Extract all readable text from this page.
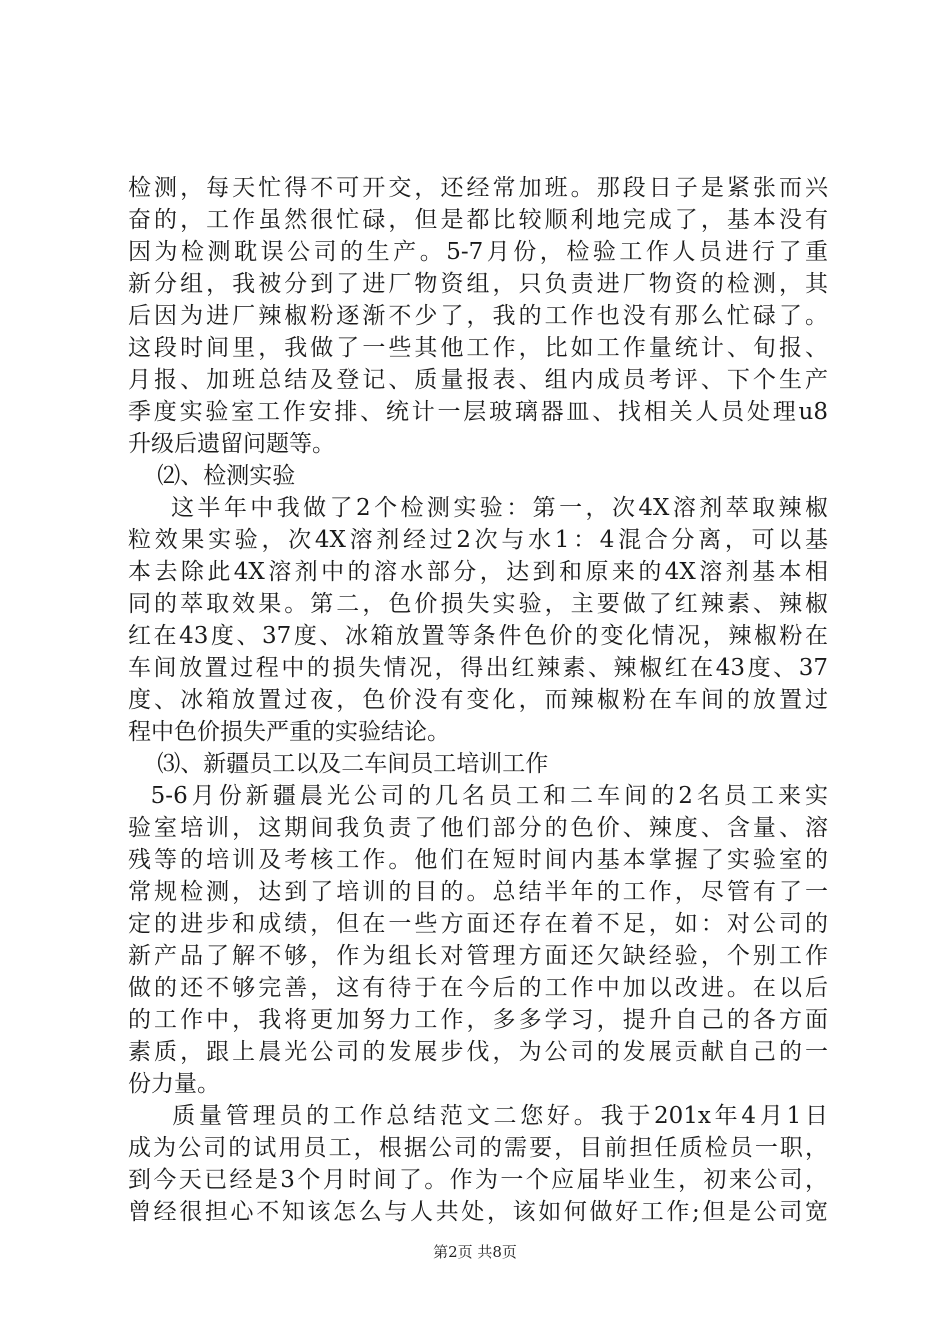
检测，每天忙得不可开交，还经常加班。那段日子是紧张而兴
奋的，工作虽然很忙碌，但是都比较顺利地完成了，基本没有
因为检测耽误公司的生产。5-7月份，检验工作人员进行了重
新分组，我被分到了进厂物资组，只负责进厂物资的检测，其
后因为进厂辣椒粉逐渐不少了，我的工作也没有那么忙碌了。
这段时间里，我做了一些其他工作，比如工作量统计、旬报、
月报、加班总结及登记、质量报表、组内成员考评、下个生产
季度实验室工作安排、统计一层玻璃器皿、找相关人员处理u8
升级后遗留问题等。
⑵、检测实验
这半年中我做了2个检测实验：第一，次4X溶剂萃取辣椒
粒效果实验，次4X溶剂经过2次与水1：4混合分离，可以基
本去除此4X溶剂中的溶水部分，达到和原来的4X溶剂基本相
同的萃取效果。第二，色价损失实验，主要做了红辣素、辣椒
红在43度、37度、冰箱放置等条件色价的变化情况，辣椒粉在
车间放置过程中的损失情况，得出红辣素、辣椒红在43度、37
度、冰箱放置过夜，色价没有变化，而辣椒粉在车间的放置过
程中色价损失严重的实验结论。
⑶、新疆员工以及二车间员工培训工作
5-6月份新疆晨光公司的几名员工和二车间的2名员工来实
验室培训，这期间我负责了他们部分的色价、辣度、含量、溶
残等的培训及考核工作。他们在短时间内基本掌握了实验室的
常规检测，达到了培训的目的。总结半年的工作，尽管有了一
定的进步和成绩，但在一些方面还存在着不足，如：对公司的
新产品了解不够，作为组长对管理方面还欠缺经验，个别工作
做的还不够完善，这有待于在今后的工作中加以改进。在以后
的工作中，我将更加努力工作，多多学习，提升自己的各方面
素质，跟上晨光公司的发展步伐，为公司的发展贡献自己的一
份力量。
质量管理员的工作总结范文二您好。我于201x年4月1日
成为公司的试用员工，根据公司的需要，目前担任质检员一职，
到今天已经是3个月时间了。作为一个应届毕业生，初来公司，
曾经很担心不知该怎么与人共处，该如何做好工作;但是公司宽
第2页 共8页
